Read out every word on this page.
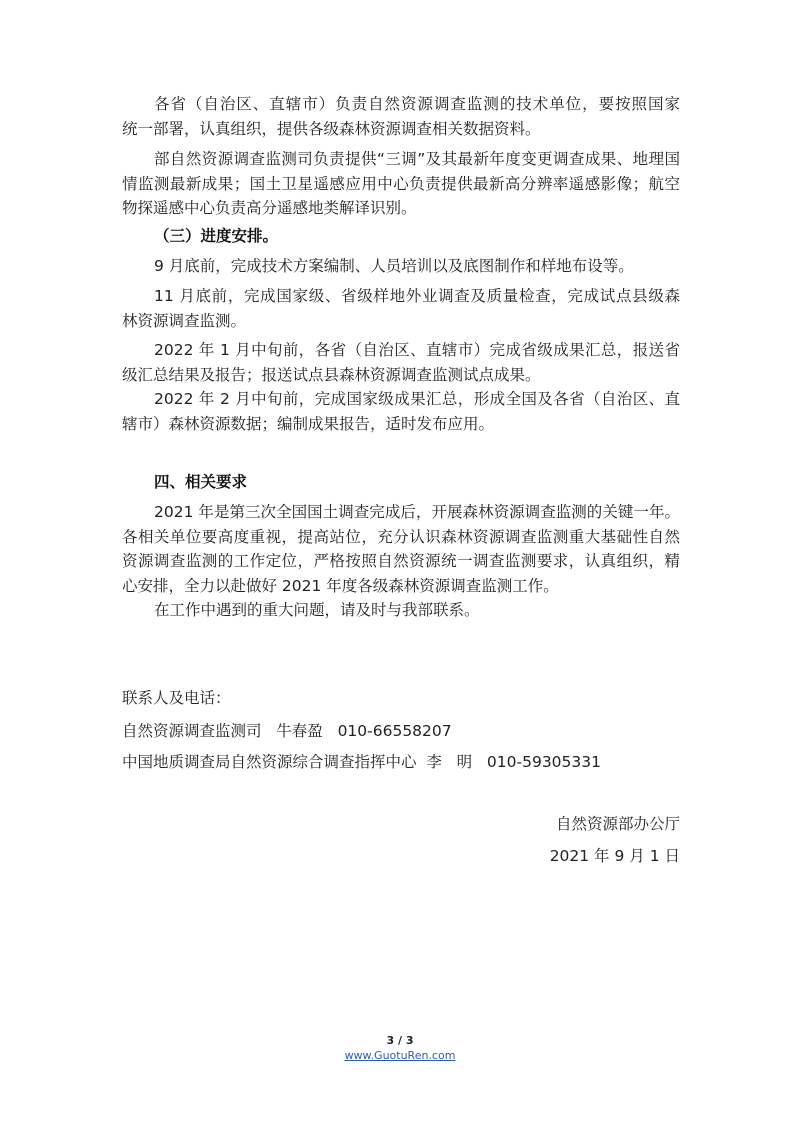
各省（自治区、直辖市）负责自然资源调查监测的技术单位，要按照国家
统一部署，认真组织，提供各级森林资源调查相关数据资料。
部自然资源调查监测司负责提供“三调”及其最新年度变更调查成果、地理国
情监测最新成果；国土卫星遥感应用中心负责提供最新高分辨率遥感影像；航空
物探遥感中心负责高分遥感地类解译识别。
（三）进度安排。
9 月底前，完成技术方案编制、人员培训以及底图制作和样地布设等。
11 月底前，完成国家级、省级样地外业调查及质量检查，完成试点县级森
林资源调查监测。
2022 年 1 月中旬前，各省（自治区、直辖市）完成省级成果汇总，报送省
级汇总结果及报告；报送试点县森林资源调查监测试点成果。
2022 年 2 月中旬前，完成国家级成果汇总，形成全国及各省（自治区、直
辖市）森林资源数据；编制成果报告，适时发布应用。
四、相关要求
2021 年是第三次全国国土调查完成后，开展森林资源调查监测的关键一年。
各相关单位要高度重视，提高站位，充分认识森林资源调查监测重大基础性自然
资源调查监测的工作定位，严格按照自然资源统一调查监测要求，认真组织，精
心安排，全力以赴做好 2021 年度各级森林资源调查监测工作。
在工作中遇到的重大问题，请及时与我部联系。
联系人及电话：
自然资源调查监测司   牛春盈   010-66558207
中国地质调查局自然资源综合调查指挥中心  李   明   010-59305331
自然资源部办公厅
2021 年 9 月 1 日
3 / 3
www.GuotuRen.com
